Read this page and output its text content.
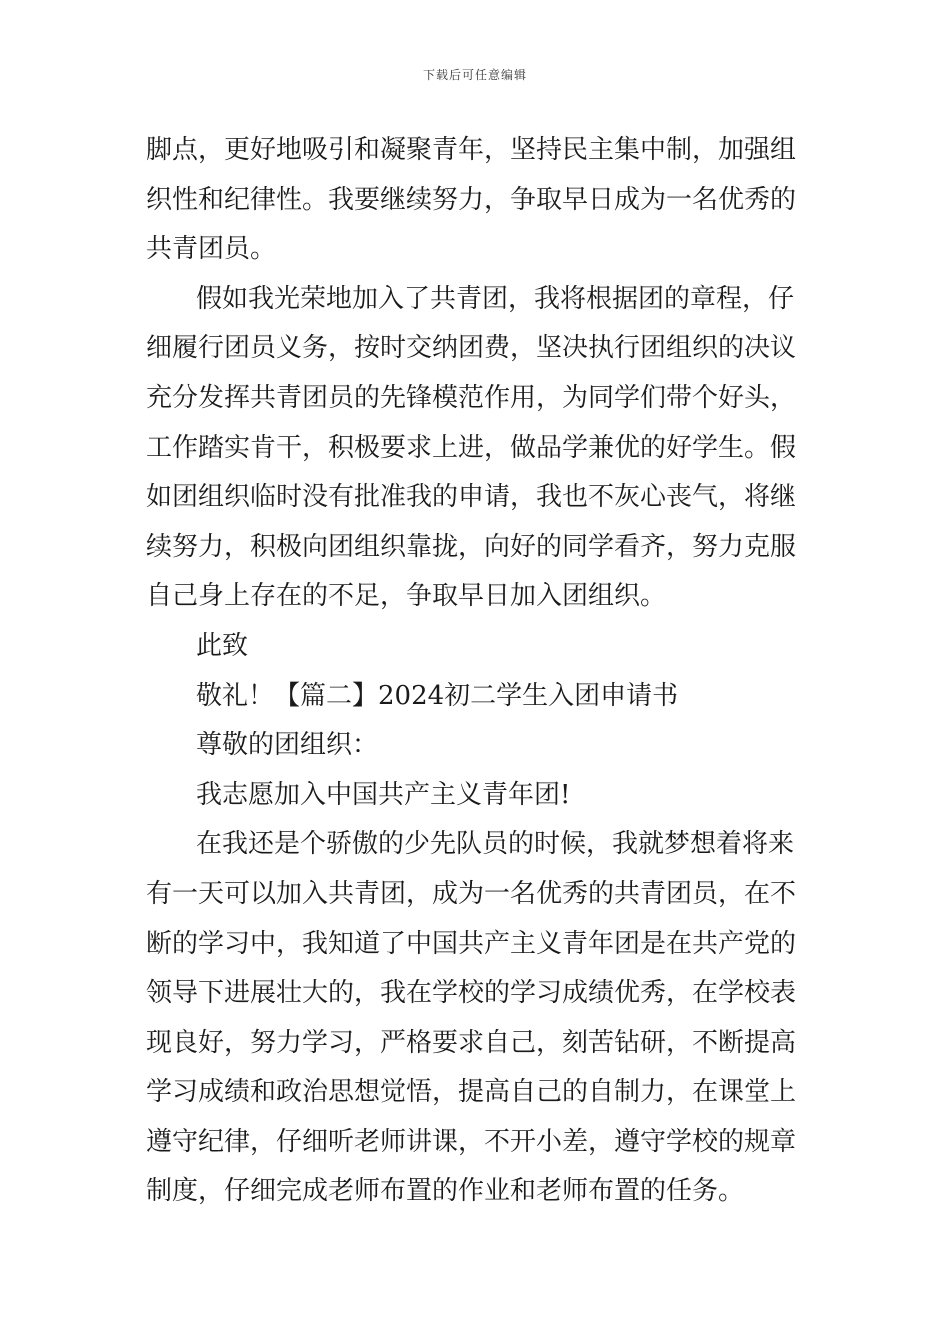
下载后可任意编辑
脚点，更好地吸引和凝聚青年，坚持民主集中制，加强组
织性和纪律性。我要继续努力，争取早日成为一名优秀的
共青团员。
假如我光荣地加入了共青团，我将根据团的章程，仔
细履行团员义务，按时交纳团费，坚决执行团组织的决议
充分发挥共青团员的先锋模范作用，为同学们带个好头，
工作踏实肯干，积极要求上进，做品学兼优的好学生。假
如团组织临时没有批准我的申请，我也不灰心丧气，将继
续努力，积极向团组织靠拢，向好的同学看齐，努力克服
自己身上存在的不足，争取早日加入团组织。
此致
敬礼！【篇二】2024初二学生入团申请书
尊敬的团组织：
我志愿加入中国共产主义青年团!
在我还是个骄傲的少先队员的时候，我就梦想着将来
有一天可以加入共青团，成为一名优秀的共青团员，在不
断的学习中，我知道了中国共产主义青年团是在共产党的
领导下进展壮大的，我在学校的学习成绩优秀，在学校表
现良好，努力学习，严格要求自己，刻苦钻研，不断提高
学习成绩和政治思想觉悟，提高自己的自制力，在课堂上
遵守纪律，仔细听老师讲课，不开小差，遵守学校的规章
制度，仔细完成老师布置的作业和老师布置的任务。
